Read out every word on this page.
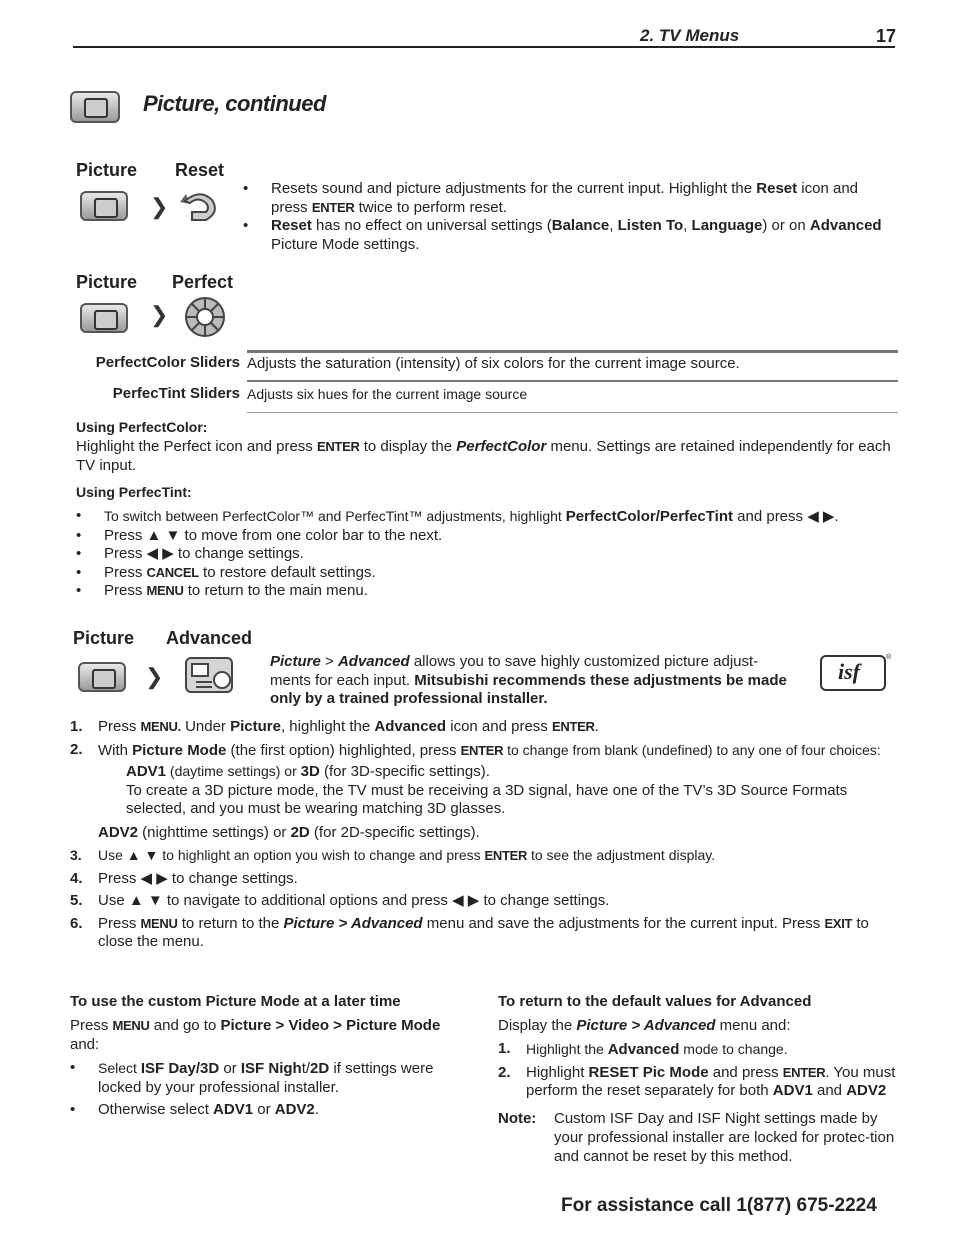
2. TV Menus	17
Picture, continued
Picture Reset
❯
• Resets sound and picture adjustments for the current input. Highlight the Reset icon and press ENTER twice to perform reset.
• Reset has no effect on universal settings (Balance, Listen To, Language) or on Advanced Picture Mode settings.
Picture Perfect
❯
PerfectColor Sliders Adjusts the saturation (intensity) of six colors for the current image source.
PerfecTint Sliders Adjusts six hues for the current image source
Using PerfectColor:
Highlight the Perfect icon and press ENTER to display the PerfectColor menu. Settings are retained independently for each TV input.
Using PerfecTint:
• To switch between PerfectColor™ and PerfecTint™ adjustments, highlight PerfectColor/PerfecTint and press ◀ ▶.
• Press ▲ ▼ to move from one color bar to the next.
• Press ◀ ▶ to change settings.
• Press CANCEL to restore default settings.
• Press MENU to return to the main menu.
Picture Advanced
❯
Picture > Advanced allows you to save highly customized picture adjust-ments for each input. Mitsubishi recommends these adjustments be made only by a trained professional installer.
isf
®
1. Press MENU. Under Picture, highlight the Advanced icon and press ENTER.
2. With Picture Mode (the first option) highlighted, press ENTER to change from blank (undefined) to any one of four choices:
ADV1 (daytime settings) or 3D (for 3D-specific settings).
To create a 3D picture mode, the TV must be receiving a 3D signal, have one of the TV’s 3D Source Formats selected, and you must be wearing matching 3D glasses.
ADV2 (nighttime settings) or 2D (for 2D-specific settings).
3. Use ▲ ▼ to highlight an option you wish to change and press ENTER to see the adjustment display.
4. Press ◀ ▶ to change settings.
5. Use ▲ ▼ to navigate to additional options and press ◀ ▶ to change settings.
6. Press MENU to return to the Picture > Advanced menu and save the adjustments for the current input. Press EXIT to close the menu.
To use the custom Picture Mode at a later time
Press MENU and go to Picture > Video > Picture Mode and:
• Select ISF Day/3D or ISF Night/2D if settings were locked by your professional installer.
• Otherwise select ADV1 or ADV2.
To return to the default values for Advanced
Display the Picture > Advanced menu and:
1. Highlight the Advanced mode to change.
2. Highlight RESET Pic Mode and press ENTER. You must perform the reset separately for both ADV1 and ADV2
Note: Custom ISF Day and ISF Night settings made by your professional installer are locked for protec-tion and cannot be reset by this method.
For assistance call 1(877) 675-2224
